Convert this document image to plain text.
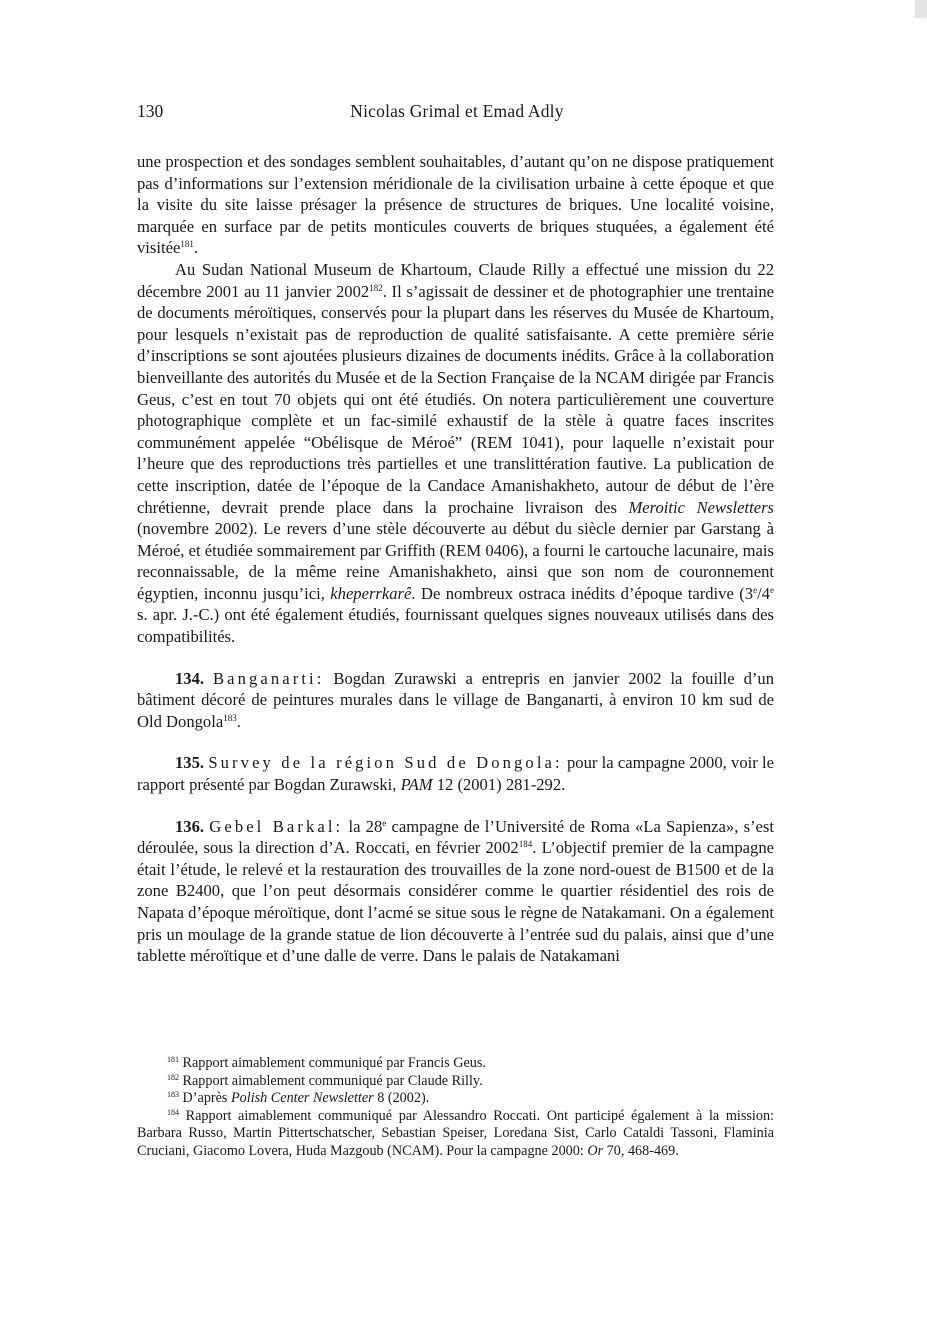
130	Nicolas Grimal et Emad Adly

une prospection et des sondages semblent souhaitables, d’autant qu’on ne dispose pratiquement pas d’informations sur l’extension méridionale de la civilisation urbaine à cette époque et que la visite du site laisse présager la présence de structures de briques. Une localité voisine, marquée en surface par de petits monticules couverts de briques stuquées, a également été visitée$^{181}$.

Au Sudan National Museum de Khartoum, Claude Rilly a effectué une mission du 22 décembre 2001 au 11 janvier 2002$^{182}$. Il s’agissait de dessiner et de photographier une trentaine de documents méroïtiques, conservés pour la plupart dans les réserves du Musée de Khartoum, pour lesquels n’existait pas de reproduction de qualité satisfaisante. A cette première série d’inscriptions se sont ajoutées plusieurs dizaines de documents inédits. Grâce à la collaboration bienveillante des autorités du Musée et de la Section Française de la NCAM dirigée par Francis Geus, c’est en tout 70 objets qui ont été étudiés. On notera particulièrement une couverture photographique complète et un fac-similé exhaustif de la stèle à quatre faces inscrites communément appelée “Obélisque de Méroé” (REM 1041), pour laquelle n’existait pour l’heure que des reproductions très partielles et une translittération fautive. La publication de cette inscription, datée de l’époque de la Candace Amanishakheto, autour de début de l’ère chrétienne, devrait prende place dans la prochaine livraison des Meroitic Newsletters (novembre 2002). Le revers d’une stèle découverte au début du siècle dernier par Garstang à Méroé, et étudiée sommairement par Griffith (REM 0406), a fourni le cartouche lacunaire, mais reconnaissable, de la même reine Amanishakheto, ainsi que son nom de couronnement égyptien, inconnu jusqu’ici, kheperrkarê. De nombreux ostraca inédits d’époque tardive (3e/4e s. apr. J.-C.) ont été également étudiés, fournissant quelques signes nouveaux utilisés dans des compatibilités.

134. Banganarti: Bogdan Zurawski a entrepris en janvier 2002 la fouille d’un bâtiment décoré de peintures murales dans le village de Banganarti, à environ 10 km sud de Old Dongola$^{183}$.

135. Survey de la région Sud de Dongola: pour la campagne 2000, voir le rapport présenté par Bogdan Zurawski, PAM 12 (2001) 281-292.

136. Gebel Barkal: la 28e campagne de l’Université de Roma «La Sapienza», s’est déroulée, sous la direction d’A. Roccati, en février 2002$^{184}$. L’objectif premier de la campagne était l’étude, le relevé et la restauration des trouvailles de la zone nord-ouest de B1500 et de la zone B2400, que l’on peut désormais considérer comme le quartier résidentiel des rois de Napata d’époque méroïtique, dont l’acmé se situe sous le règne de Natakamani. On a également pris un moulage de la grande statue de lion découverte à l’entrée sud du palais, ainsi que d’une tablette méroïtique et d’une dalle de verre. Dans le palais de Natakamani

$^{181}$ Rapport aimablement communiqué par Francis Geus.

$^{182}$ Rapport aimablement communiqué par Claude Rilly.

$^{183}$ D’après Polish Center Newsletter 8 (2002).

$^{184}$ Rapport aimablement communiqué par Alessandro Roccati. Ont participé également à la mission: Barbara Russo, Martin Pittertschatscher, Sebastian Speiser, Loredana Sist, Carlo Cataldi Tassoni, Flaminia Cruciani, Giacomo Lovera, Huda Mazgoub (NCAM). Pour la campagne 2000: Or 70, 468-469.
